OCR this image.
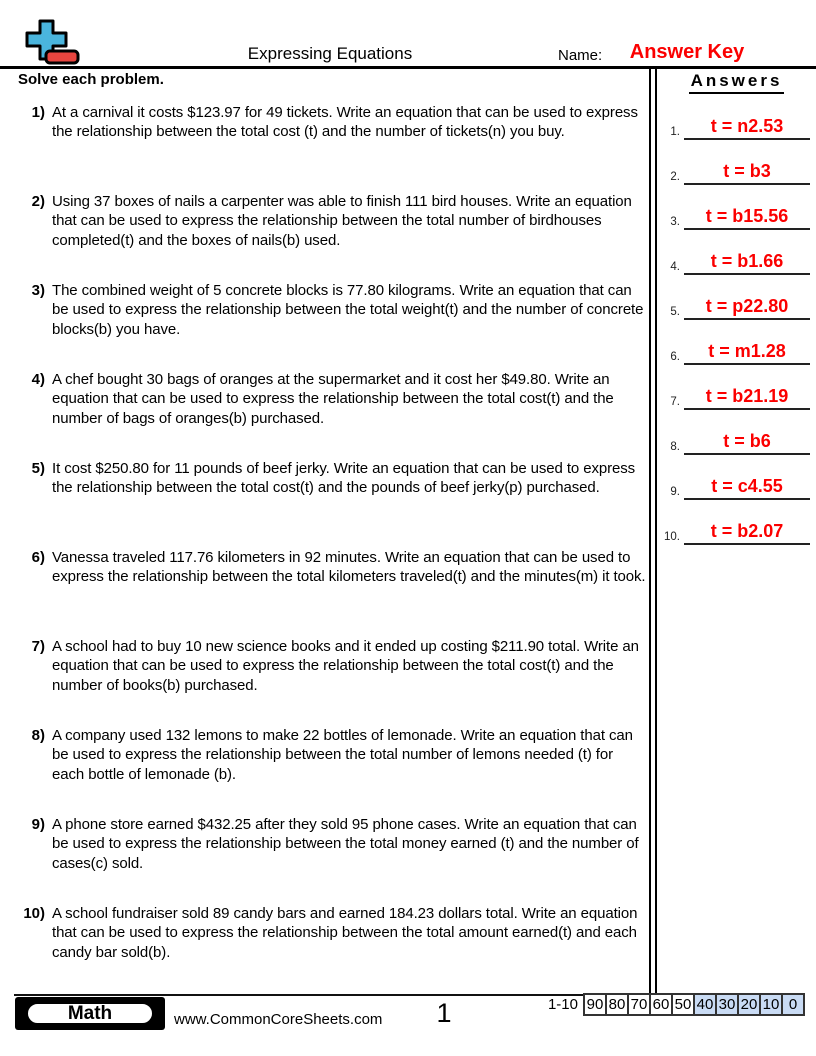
Expressing Equations	Name:	Answer Key
Solve each problem.
1) At a carnival it costs $123.97 for 49 tickets. Write an equation that can be used to express the relationship between the total cost (t) and the number of tickets(n) you buy.
2) Using 37 boxes of nails a carpenter was able to finish 111 bird houses. Write an equation that can be used to express the relationship between the total number of birdhouses completed(t) and the boxes of nails(b) used.
3) The combined weight of 5 concrete blocks is 77.80 kilograms. Write an equation that can be used to express the relationship between the total weight(t) and the number of concrete blocks(b) you have.
4) A chef bought 30 bags of oranges at the supermarket and it cost her $49.80. Write an equation that can be used to express the relationship between the total cost(t) and the number of bags of oranges(b) purchased.
5) It cost $250.80 for 11 pounds of beef jerky. Write an equation that can be used to express the relationship between the total cost(t) and the pounds of beef jerky(p) purchased.
6) Vanessa traveled 117.76 kilometers in 92 minutes. Write an equation that can be used to express the relationship between the total kilometers traveled(t) and the minutes(m) it took.
7) A school had to buy 10 new science books and it ended up costing $211.90 total. Write an equation that can be used to express the relationship between the total cost(t) and the number of books(b) purchased.
8) A company used 132 lemons to make 22 bottles of lemonade. Write an equation that can be used to express the relationship between the total number of lemons needed (t) for each bottle of lemonade (b).
9) A phone store earned $432.25 after they sold 95 phone cases. Write an equation that can be used to express the relationship between the total money earned (t) and the number of cases(c) sold.
10) A school fundraiser sold 89 candy bars and earned 184.23 dollars total. Write an equation that can be used to express the relationship between the total amount earned(t) and each candy bar sold(b).
Answers
1.	t = n2.53
2.	t = b3
3.	t = b15.56
4.	t = b1.66
5.	t = p22.80
6.	t = m1.28
7.	t = b21.19
8.	t = b6
9.	t = c4.55
10.	t = b2.07
Math	www.CommonCoreSheets.com	1	1-10 90 80 70 60 50 40 30 20 10 0
